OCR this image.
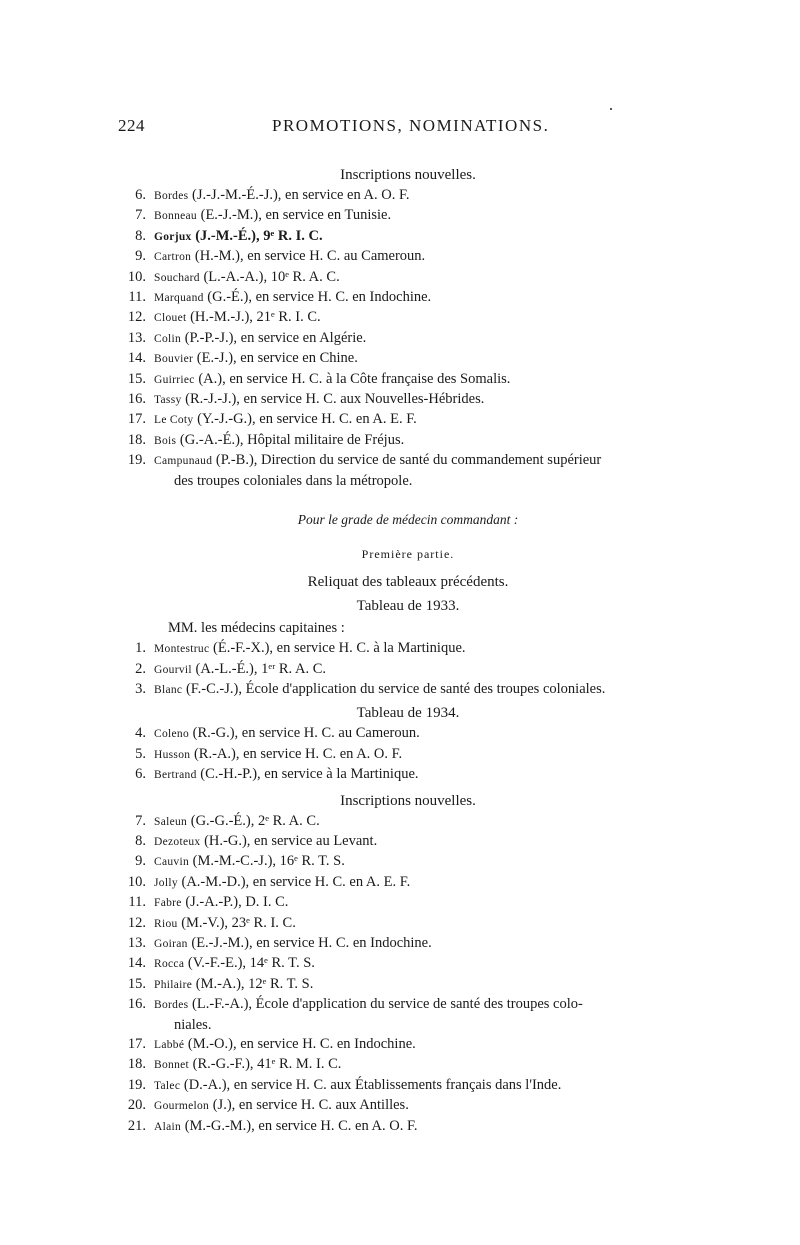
224	PROMOTIONS, NOMINATIONS.
Inscriptions nouvelles.
6. Bordes (J.-J.-M.-É.-J.), en service en A. O. F.
7. Bonneau (E.-J.-M.), en service en Tunisie.
8. Gorjux (J.-M.-É.), 9ᵉ R. I. C.
9. Cartron (H.-M.), en service H. C. au Cameroun.
10. Souchard (L.-A.-A.), 10ᵉ R. A. C.
11. Marquand (G.-É.), en service H. C. en Indochine.
12. Clouet (H.-M.-J.), 21ᵉ R. I. C.
13. Colin (P.-P.-J.), en service en Algérie.
14. Bouvier (E.-J.), en service en Chine.
15. Guirriec (A.), en service H. C. à la Côte française des Somalis.
16. Tassy (R.-J.-J.), en service H. C. aux Nouvelles-Hébrides.
17. Le Coty (Y.-J.-G.), en service H. C. en A. E. F.
18. Bois (G.-A.-É.), Hôpital militaire de Fréjus.
19. Campunaud (P.-B.), Direction du service de santé du commandement supérieur
des troupes coloniales dans la métropole.
Pour le grade de médecin commandant :
Première partie.
Reliquat des tableaux précédents.
Tableau de 1933.
MM. les médecins capitaines :
1. Montestruc (É.-F.-X.), en service H. C. à la Martinique.
2. Gourvil (A.-L.-É.), 1ᵉʳ R. A. C.
3. Blanc (F.-C.-J.), École d'application du service de santé des troupes coloniales.
Tableau de 1934.
4. Coleno (R.-G.), en service H. C. au Cameroun.
5. Husson (R.-A.), en service H. C. en A. O. F.
6. Bertrand (C.-H.-P.), en service à la Martinique.
Inscriptions nouvelles.
7. Saleun (G.-G.-É.), 2ᵉ R. A. C.
8. Dezoteux (H.-G.), en service au Levant.
9. Cauvin (M.-M.-C.-J.), 16ᵉ R. T. S.
10. Jolly (A.-M.-D.), en service H. C. en A. E. F.
11. Fabre (J.-A.-P.), D. I. C.
12. Riou (M.-V.), 23ᵉ R. I. C.
13. Goiran (E.-J.-M.), en service H. C. en Indochine.
14. Rocca (V.-F.-E.), 14ᵉ R. T. S.
15. Philaire (M.-A.), 12ᵉ R. T. S.
16. Bordes (L.-F.-A.), École d'application du service de santé des troupes colo-
niales.
17. Labbé (M.-O.), en service H. C. en Indochine.
18. Bonnet (R.-G.-F.), 41ᵉ R. M. I. C.
19. Talec (D.-A.), en service H. C. aux Établissements français dans l'Inde.
20. Gourmelon (J.), en service H. C. aux Antilles.
21. Alain (M.-G.-M.), en service H. C. en A. O. F.
